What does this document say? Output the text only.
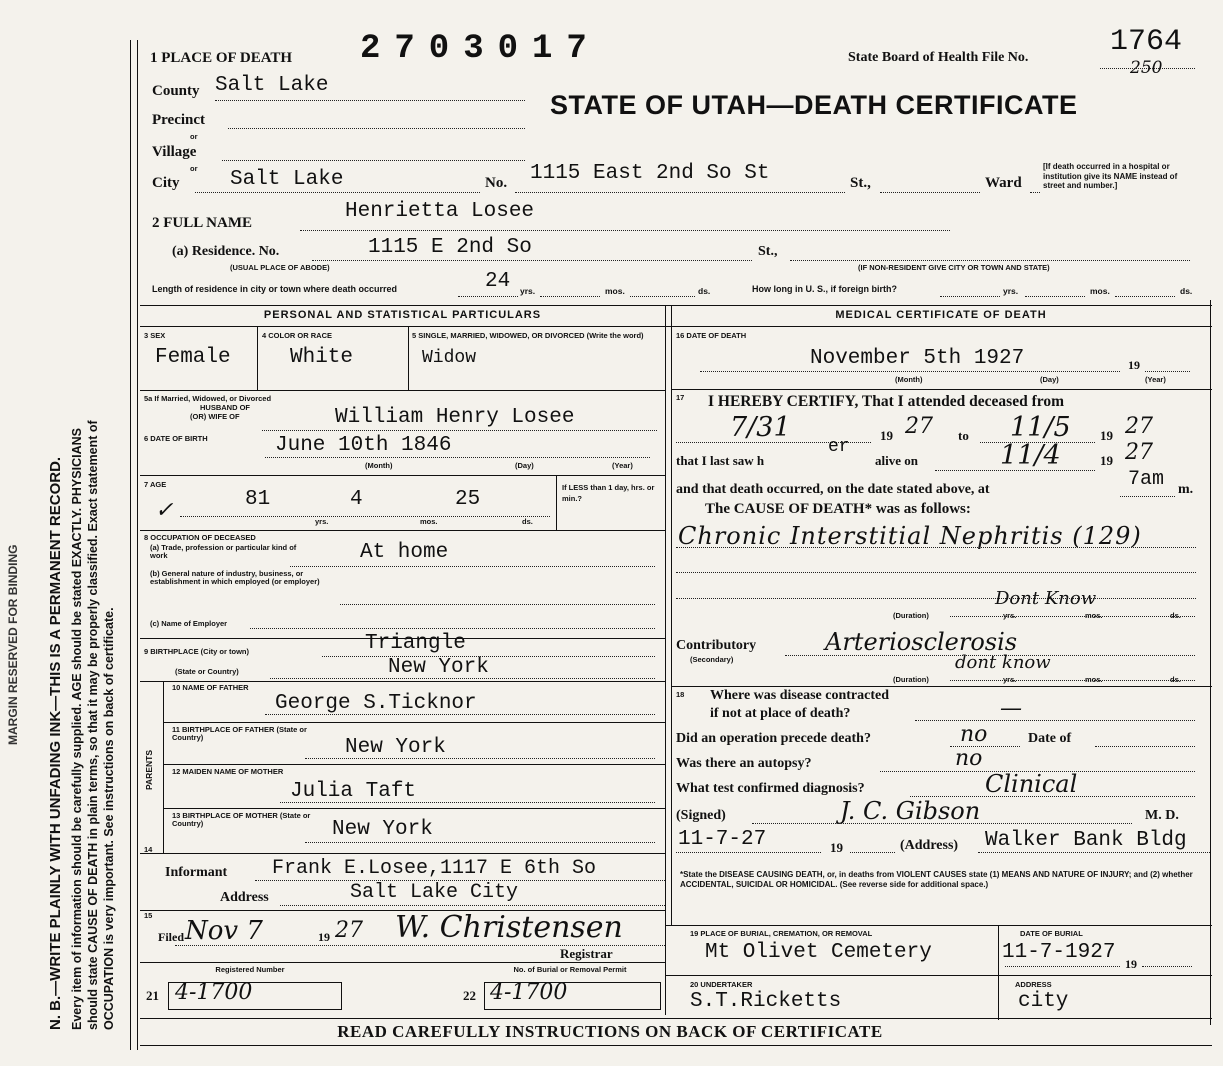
MARGIN RESERVED FOR BINDING N. B.—WRITE PLAINLY WITH UNFADING INK—THIS IS A PERMANENT RECORD. Every item of information should be carefully supplied. AGE should be stated EXACTLY. PHYSICIANS should state CAUSE OF DEATH in plain terms, so that it may be properly classified. Exact statement of OCCUPATION is very important. See instructions on back of certificate.
1 PLACE OF DEATH 2703017	State Board of Health File No.	1764
250
STATE OF UTAH—DEATH CERTIFICATE
County Salt Lake
Precinct
or
Village
or
City Salt Lake	No. 1115 East 2nd So St	St.,	Ward
[If death occurred in a hospital or institution give its NAME instead of street and number.]
2 FULL NAME	Henrietta Losee
(a) Residence. No.
(USUAL PLACE OF ABODE)
1115 E 2nd So	St.,
(IF NON-RESIDENT GIVE CITY OR TOWN AND STATE)
Length of residence in city or town where death occurred	24 yrs.	mos.	ds.	How long in U. S., if foreign birth?	yrs.	mos.	ds.
PERSONAL AND STATISTICAL PARTICULARS	MEDICAL CERTIFICATE OF DEATH
3 SEX
Female
4 COLOR OR RACE
White
5 SINGLE, MARRIED, WIDOWED, OR DIVORCED (Write the word)
Widow
5a If Married, Widowed, or Divorced
HUSBAND OF
(OR) WIFE OF	William Henry Losee
6 DATE OF BIRTH	June 10th 1846
(Month)	(Day)	(Year)
7 AGE
✓	81	4	25
yrs.	mos.	ds.
If LESS than 1 day, hrs. or min.?
8 OCCUPATION OF DECEASED
(a) Trade, profession or particular kind of work	At home
(b) General nature of industry, business, or establishment in which employed (or employer)
(c) Name of Employer
9 BIRTHPLACE (City or town)	Triangle
(State or Country)	New York
PARENTS
10 NAME OF FATHER
George S.Ticknor
11 BIRTHPLACE OF FATHER (State or Country)	New York
12 MAIDEN NAME OF MOTHER
Julia Taft
13 BIRTHPLACE OF MOTHER (State or Country)	New York
14
Informant Frank E.Losee,1117 E 6th So
Address	Salt Lake City
15
Filed Nov 7	19 27 W. Christensen
Registrar
Registered Number	No. of Burial or Removal Permit
21 4-1700	22 4-1700
16 DATE OF DEATH
November 5th 1927	19
(Month)	(Day)	(Year)
17 I HEREBY CERTIFY, That I attended deceased from
7/31	19 27 to 11/5 19 27
that I last saw h
er
alive on	11/4	19 27
and that death occurred, on the date stated above, at	7am m.
The CAUSE OF DEATH* was as follows:
Chronic Interstitial Nephritis (129)
Dont Know
(Duration)	yrs.	mos.	ds.
Contributory
(Secondary)
Arteriosclerosis
dont know
(Duration)	yrs.	mos.	ds.
18 Where was disease contracted
if not at place of death?	—
Did an operation precede death?	no	Date of
Was there an autopsy?	no
What test confirmed diagnosis?	Clinical
(Signed)	J. C. Gibson	M. D.
11-7-27	19	(Address) Walker Bank Bldg
*State the DISEASE CAUSING DEATH, or, in deaths from VIOLENT CAUSES state (1) MEANS AND NATURE OF INJURY; and (2) whether ACCIDENTAL, SUICIDAL OR HOMICIDAL. (See reverse side for additional space.)
19 PLACE OF BURIAL, CREMATION, OR REMOVAL
Mt Olivet Cemetery
DATE OF BURIAL
11-7-1927 19
20 UNDERTAKER
S.T.Ricketts
ADDRESS
city
READ CAREFULLY INSTRUCTIONS ON BACK OF CERTIFICATE
